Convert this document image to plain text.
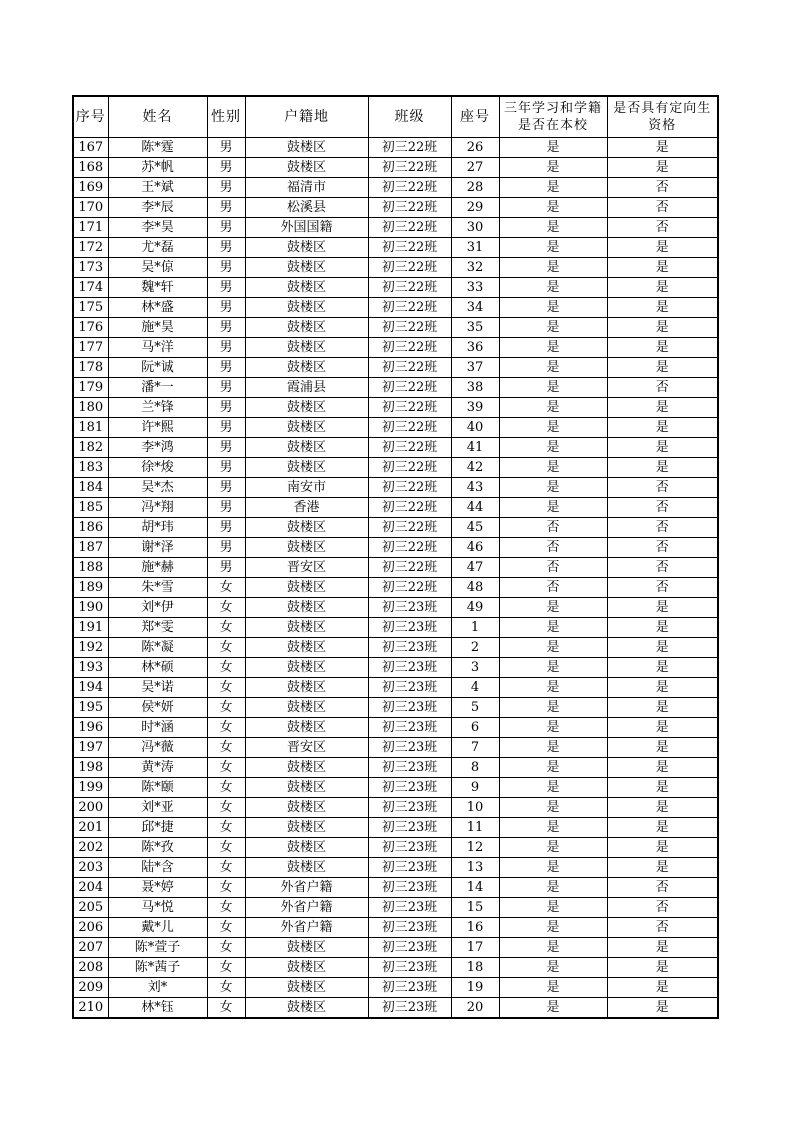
序号	姓名	性别	户籍地	班级	座号	三年学习和学籍是否在本校	是否具有定向生资格
167	陈*霆	男	鼓楼区	初三22班	26	是	是
168	苏*帆	男	鼓楼区	初三22班	27	是	是
169	王*斌	男	福清市	初三22班	28	是	否
170	李*辰	男	松溪县	初三22班	29	是	否
171	李*昊	男	外国国籍	初三22班	30	是	否
172	尤*磊	男	鼓楼区	初三22班	31	是	是
173	吴*倞	男	鼓楼区	初三22班	32	是	是
174	魏*轩	男	鼓楼区	初三22班	33	是	是
175	林*盛	男	鼓楼区	初三22班	34	是	是
176	施*昊	男	鼓楼区	初三22班	35	是	是
177	马*洋	男	鼓楼区	初三22班	36	是	是
178	阮*诚	男	鼓楼区	初三22班	37	是	是
179	潘*一	男	霞浦县	初三22班	38	是	否
180	兰*锋	男	鼓楼区	初三22班	39	是	是
181	许*熙	男	鼓楼区	初三22班	40	是	是
182	李*鸿	男	鼓楼区	初三22班	41	是	是
183	徐*焌	男	鼓楼区	初三22班	42	是	是
184	吴*杰	男	南安市	初三22班	43	是	否
185	冯*翔	男	香港	初三22班	44	是	否
186	胡*玮	男	鼓楼区	初三22班	45	否	否
187	谢*泽	男	鼓楼区	初三22班	46	否	否
188	施*赫	男	晋安区	初三22班	47	否	否
189	朱*雪	女	鼓楼区	初三22班	48	否	否
190	刘*伊	女	鼓楼区	初三23班	49	是	是
191	郑*雯	女	鼓楼区	初三23班	1	是	是
192	陈*凝	女	鼓楼区	初三23班	2	是	是
193	林*硕	女	鼓楼区	初三23班	3	是	是
194	吴*诺	女	鼓楼区	初三23班	4	是	是
195	侯*妍	女	鼓楼区	初三23班	5	是	是
196	时*涵	女	鼓楼区	初三23班	6	是	是
197	冯*薇	女	晋安区	初三23班	7	是	是
198	黄*涛	女	鼓楼区	初三23班	8	是	是
199	陈*颐	女	鼓楼区	初三23班	9	是	是
200	刘*亚	女	鼓楼区	初三23班	10	是	是
201	邱*捷	女	鼓楼区	初三23班	11	是	是
202	陈*孜	女	鼓楼区	初三23班	12	是	是
203	陆*含	女	鼓楼区	初三23班	13	是	是
204	聂*婷	女	外省户籍	初三23班	14	是	否
205	马*悦	女	外省户籍	初三23班	15	是	否
206	戴*儿	女	外省户籍	初三23班	16	是	否
207	陈*萱子	女	鼓楼区	初三23班	17	是	是
208	陈*茜子	女	鼓楼区	初三23班	18	是	是
209	刘*	女	鼓楼区	初三23班	19	是	是
210	林*钰	女	鼓楼区	初三23班	20	是	是
